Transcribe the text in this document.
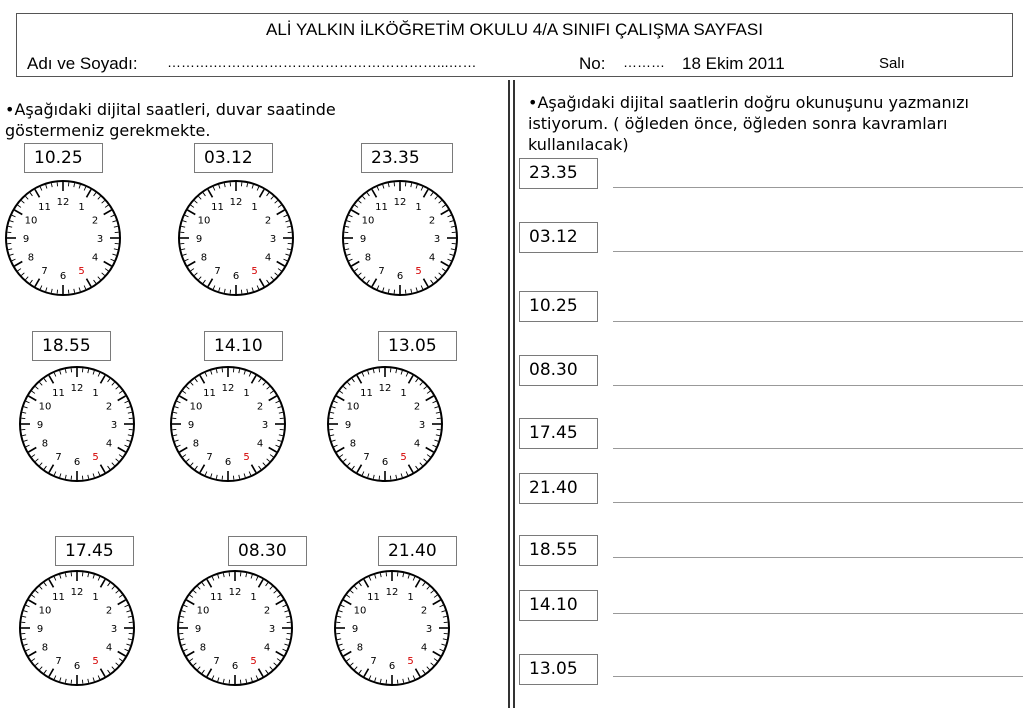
ALİ YALKIN İLKÖĞRETİM OKULU 4/A SINIFI ÇALIŞMA SAYFASI
Adı ve Soyadı: ……….…………………………………………...……	No: ……… 18 Ekim 2011	Salı
•Aşağıdaki dijital saatleri, duvar saatinde göstermeniz gerekmekte.
•Aşağıdaki dijital saatlerin doğru okunuşunu yazmanızı istiyorum. ( öğleden önce, öğleden sonra kavramları kullanılacak)
10.25	03.12	23.35
18.55	14.10	13.05
17.45	08.30	21.40
12 1
2
3
4
5
6
7
8
9
10
11	12 1
2
3
4
5
6
7
8
9
10
11	12 1
2
3
4
5
6
7
8
9
10
11
12 1
2
3
4
5
6
7
8
9
10
11	12 1
2
3
4
5
6
7
8
9
10
11	12 1
2
3
4
5
6
7
8
9
10
11
12 1
2
3
4
5
6
7
8
9
10
11	12 1
2
3
4
5
6
7
8
9
10
11	12 1
2
3
4
5
6
7
8
9
10
11
23.35
03.12
10.25
08.30
17.45
21.40
18.55
14.10
13.05
